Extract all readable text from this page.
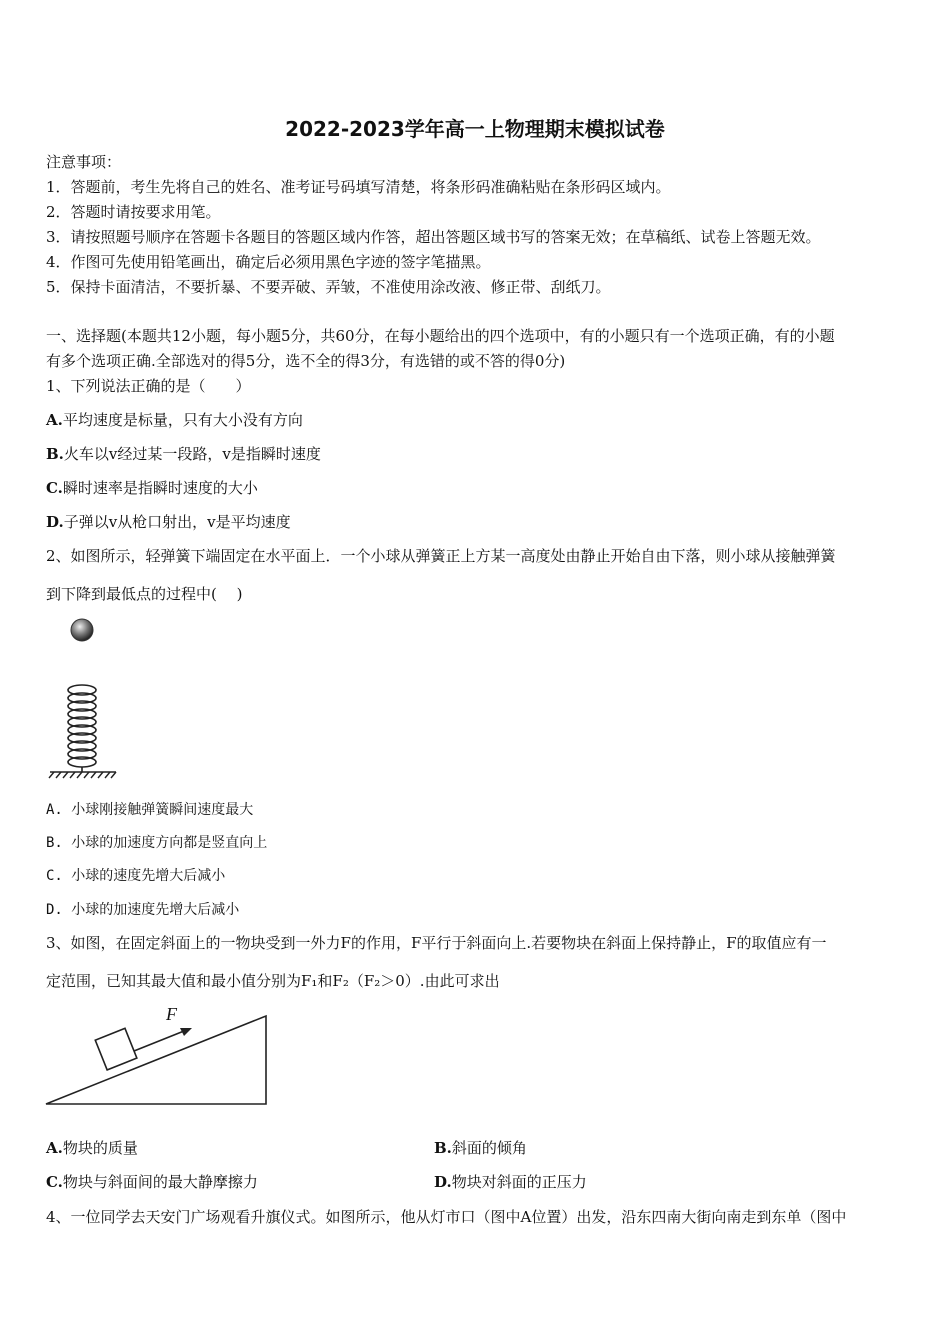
2022-2023学年高一上物理期末模拟试卷
注意事项：
1．答题前，考生先将自己的姓名、准考证号码填写清楚，将条形码准确粘贴在条形码区域内。
2．答题时请按要求用笔。
3．请按照题号顺序在答题卡各题目的答题区域内作答，超出答题区域书写的答案无效；在草稿纸、试卷上答题无效。
4．作图可先使用铅笔画出，确定后必须用黑色字迹的签字笔描黑。
5．保持卡面清洁，不要折暴、不要弄破、弄皱，不准使用涂改液、修正带、刮纸刀。
一、选择题(本题共12小题，每小题5分，共60分，在每小题给出的四个选项中，有的小题只有一个选项正确，有的小题
有多个选项正确.全部选对的得5分，选不全的得3分，有选错的或不答的得0分)
1、下列说法正确的是（　　）
A.平均速度是标量，只有大小没有方向
B.火车以v经过某一段路，v是指瞬时速度
C.瞬时速率是指瞬时速度的大小
D.子弹以v从枪口射出，v是平均速度
2、如图所示，轻弹簧下端固定在水平面上．一个小球从弹簧正上方某一高度处由静止开始自由下落，则小球从接触弹簧
到下降到最低点的过程中(　 )
A. 小球刚接触弹簧瞬间速度最大
B. 小球的加速度方向都是竖直向上
C. 小球的速度先增大后减小
D. 小球的加速度先增大后减小
3、如图，在固定斜面上的一物块受到一外力F的作用，F平行于斜面向上.若要物块在斜面上保持静止，F的取值应有一
定范围，已知其最大值和最小值分别为F₁和F₂（F₂＞0）.由此可求出
F
A.物块的质量	B.斜面的倾角
C.物块与斜面间的最大静摩擦力	D.物块对斜面的正压力
4、一位同学去天安门广场观看升旗仪式。如图所示，他从灯市口（图中A位置）出发，沿东四南大街向南走到东单（图中
